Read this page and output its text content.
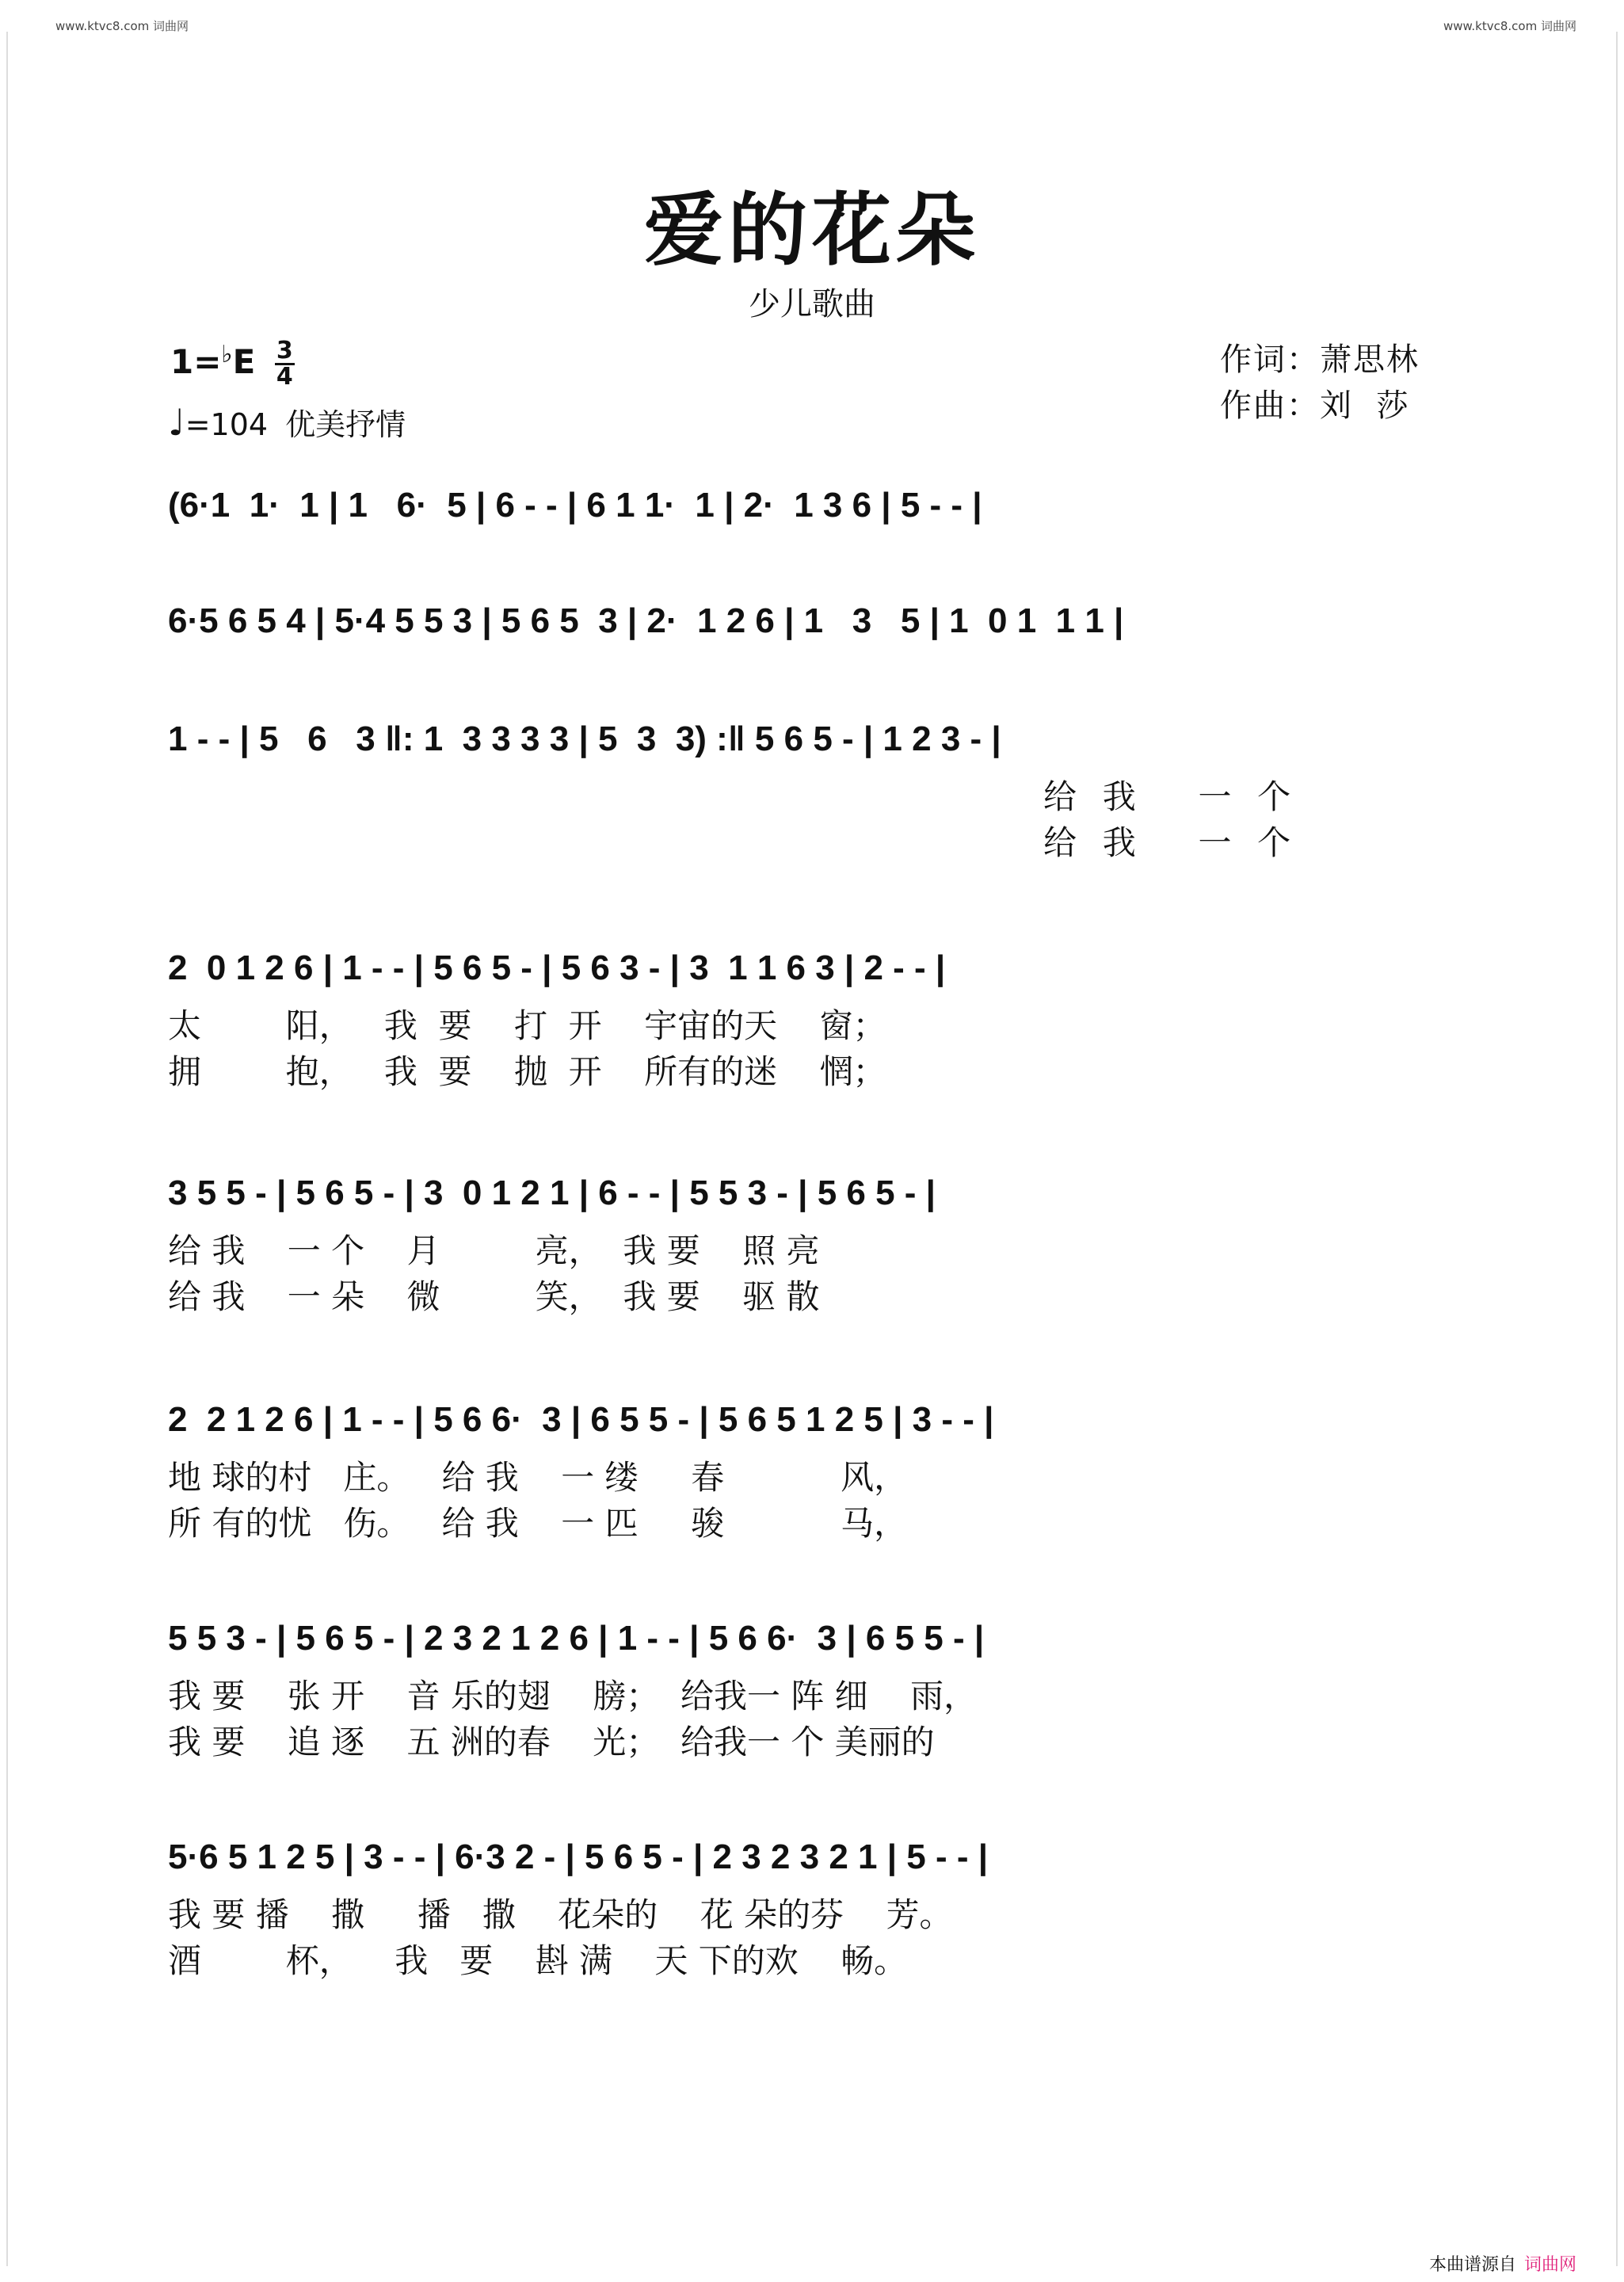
www.ktvc8.com 词曲网	www.ktvc8.com 词曲网
爱的花朵
少儿歌曲
$1=^♭E \frac{3}{4}$
♩=104 优美抒情
作词：萧思林
作曲：刘  莎
(6·1  1·  1 | 1   6·  5 | 6 - - | 6 1 1·  1 | 2·  1 3 6 | 5 - - |
6·5 6 5 4 | 5·4 5 5 3 | 5 6 5  3 | 2·  1 2 6 | 1   3   5 | 1  0 1  1 1 |
1 - - | 5   6   3 ‖: 1  3 3 3 3 | 5  3  3) :‖ 5 6 5 - | 1 2 3 - |
给  我     一  个
给  我     一  个
2  0 1 2 6 | 1 - - | 5 6 5 - | 5 6 3 - | 3  1 1 6 3 | 2 - - |
太        阳，   我  要    打  开    宇宙的天    窗；
拥        抱，   我  要    抛  开    所有的迷    惘；
3 5 5 - | 5 6 5 - | 3  0 1 2 1 | 6 - - | 5 5 3 - | 5 6 5 - |
给 我    一 个    月         亮，  我 要    照 亮
给 我    一 朵    微         笑，  我 要    驱 散
2  2 1 2 6 | 1 - - | 5 6 6·  3 | 6 5 5 - | 5 6 5 1 2 5 | 3 - - |
地 球的村   庄。   给 我    一 缕     春           风，
所 有的忧   伤。   给 我    一 匹     骏           马，
5 5 3 - | 5 6 5 - | 2 3 2 1 2 6 | 1 - - | 5 6 6·  3 | 6 5 5 - |
我 要    张 开    音 乐的翅    膀；  给我一 阵 细    雨，
我 要    追 逐    五 洲的春    光；  给我一 个 美丽的
5·6 5 1 2 5 | 3 - - | 6·3 2 - | 5 6 5 - | 2 3 2 3 2 1 | 5 - - |
我 要 播    撒     播   撒    花朵的    花 朵的芬    芳。
酒        杯，    我   要    斟 满    天 下的欢    畅。
本曲谱源自 词曲网
